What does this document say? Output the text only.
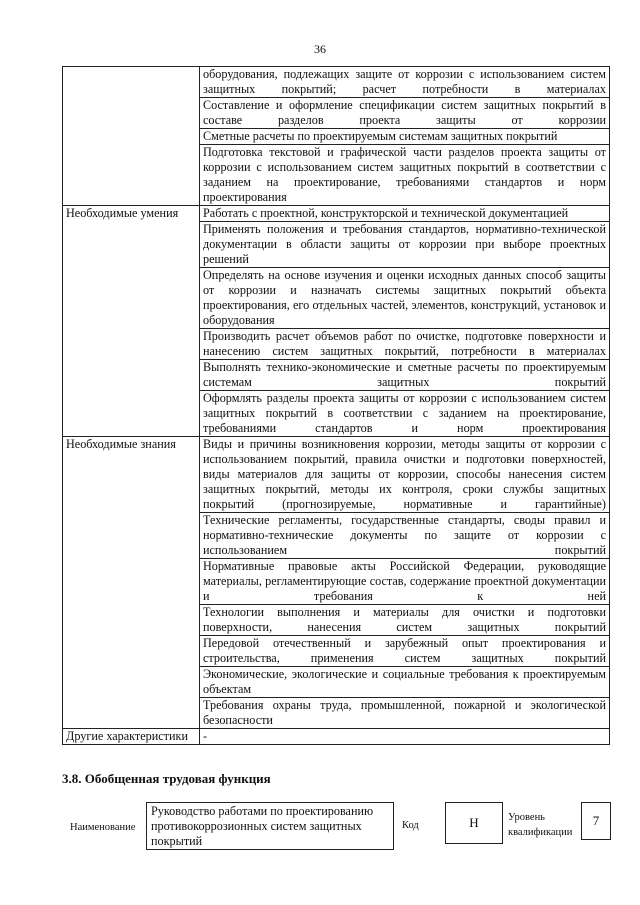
36
	оборудования, подлежащих защите от коррозии с использованием систем защитных покрытий; расчет потребности в материалах
	Составление и оформление спецификации систем защитных покрытий в составе разделов проекта защиты от коррозии
	Сметные расчеты по проектируемым системам защитных покрытий
	Подготовка текстовой и графической части разделов проекта защиты от коррозии с использованием систем защитных покрытий в соответствии с заданием на проектирование, требованиями стандартов и норм проектирования
Необходимые умения	Работать с проектной, конструкторской и технической документацией
	Применять положения и требования стандартов, нормативно-технической документации в области защиты от коррозии при выборе проектных решений
	Определять на основе изучения и оценки исходных данных способ защиты от коррозии и назначать системы защитных покрытий объекта проектирования, его отдельных частей, элементов, конструкций, установок и оборудования
	Производить расчет объемов работ по очистке, подготовке поверхности и нанесению систем защитных покрытий, потребности в материалах
	Выполнять технико-экономические и сметные расчеты по проектируемым системам защитных покрытий
	Оформлять разделы проекта защиты от коррозии с использованием систем защитных покрытий в соответствии с заданием на проектирование, требованиями стандартов и норм проектирования
Необходимые знания	Виды и причины возникновения коррозии, методы защиты от коррозии с использованием покрытий, правила очистки и подготовки поверхностей, виды материалов для защиты от коррозии, способы нанесения систем защитных покрытий, методы их контроля, сроки службы защитных покрытий (прогнозируемые, нормативные и гарантийные)
	Технические регламенты, государственные стандарты, своды правил и нормативно-технические документы по защите от коррозии с использованием покрытий
	Нормативные правовые акты Российской Федерации, руководящие материалы, регламентирующие состав, содержание проектной документации и требования к ней
	Технологии выполнения и материалы для очистки и подготовки поверхности, нанесения систем защитных покрытий
	Передовой отечественный и зарубежный опыт проектирования и строительства, применения систем защитных покрытий
	Экономические, экологические и социальные требования к проектируемым объектам
	Требования охраны труда, промышленной, пожарной и экологической безопасности
Другие характеристики	-
3.8. Обобщенная трудовая функция
Наименование
Руководство работами по проектированию противокоррозионных систем защитных покрытий
Код	H	Уровень квалификации
7
